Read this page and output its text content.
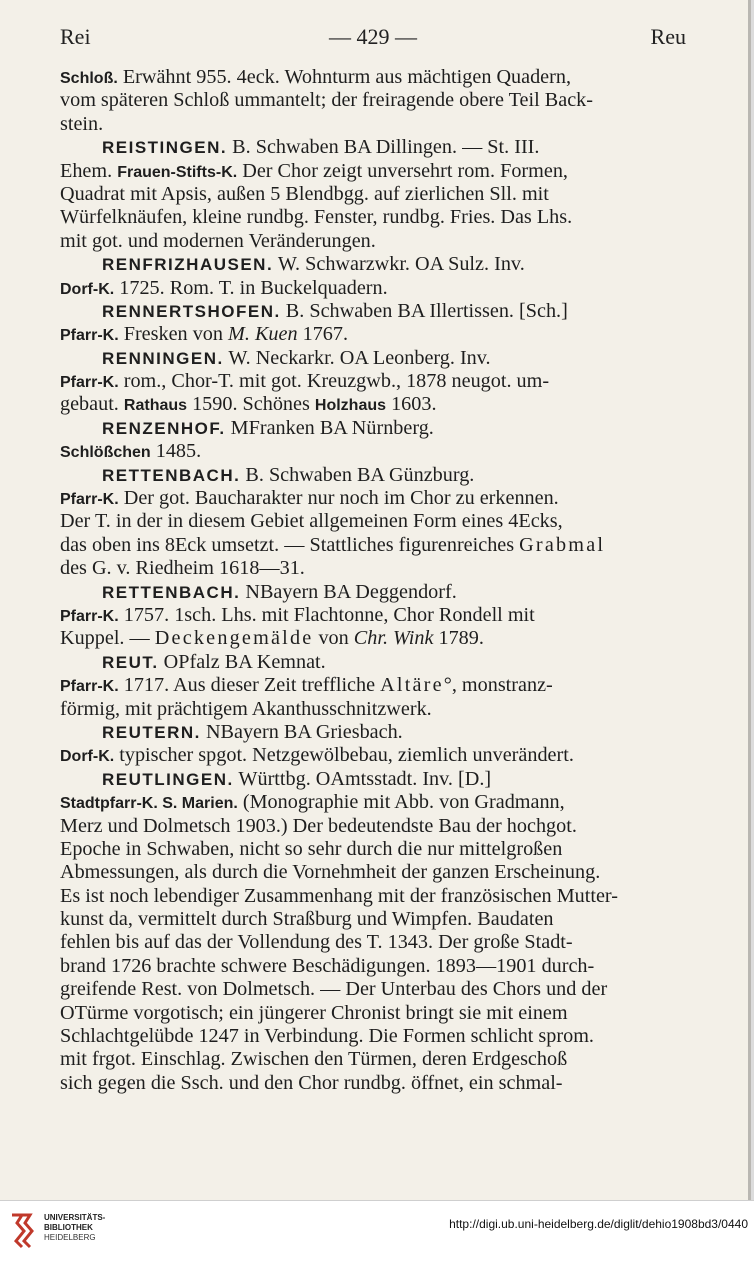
Rei	— 429 —	Reu
Schloß. Erwähnt 955. 4eck. Wohnturm aus mächtigen Quadern,
vom späteren Schloß ummantelt; der freiragende obere Teil Back-
stein.
REISTINGEN. B. Schwaben BA Dillingen. — St. III.
Ehem. Frauen-Stifts-K. Der Chor zeigt unversehrt rom. Formen,
Quadrat mit Apsis, außen 5 Blendbgg. auf zierlichen Sll. mit
Würfelknäufen, kleine rundbg. Fenster, rundbg. Fries. Das Lhs.
mit got. und modernen Veränderungen.
RENFRIZHAUSEN. W. Schwarzwkr. OA Sulz. Inv.
Dorf-K. 1725. Rom. T. in Buckelquadern.
RENNERTSHOFEN. B. Schwaben BA Illertissen. [Sch.]
Pfarr-K. Fresken von M. Kuen 1767.
RENNINGEN. W. Neckarkr. OA Leonberg. Inv.
Pfarr-K. rom., Chor-T. mit got. Kreuzgwb., 1878 neugot. um-
gebaut. Rathaus 1590. Schönes Holzhaus 1603.
RENZENHOF. MFranken BA Nürnberg.
Schlößchen 1485.
RETTENBACH. B. Schwaben BA Günzburg.
Pfarr-K. Der got. Baucharakter nur noch im Chor zu erkennen.
Der T. in der in diesem Gebiet allgemeinen Form eines 4Ecks,
das oben ins 8Eck umsetzt. — Stattliches figurenreiches Grabmal
des G. v. Riedheim 1618—31.
RETTENBACH. NBayern BA Deggendorf.
Pfarr-K. 1757. 1sch. Lhs. mit Flachtonne, Chor Rondell mit
Kuppel. — Deckengemälde von Chr. Wink 1789.
REUT. OPfalz BA Kemnat.
Pfarr-K. 1717. Aus dieser Zeit treffliche Altäre°, monstranz-
förmig, mit prächtigem Akanthusschnitzwerk.
REUTERN. NBayern BA Griesbach.
Dorf-K. typischer spgot. Netzgewölbebau, ziemlich unverändert.
REUTLINGEN. Württbg. OAmtsstadt. Inv. [D.]
Stadtpfarr-K. S. Marien. (Monographie mit Abb. von Gradmann,
Merz und Dolmetsch 1903.) Der bedeutendste Bau der hochgot.
Epoche in Schwaben, nicht so sehr durch die nur mittelgroßen
Abmessungen, als durch die Vornehmheit der ganzen Erscheinung.
Es ist noch lebendiger Zusammenhang mit der französischen Mutter-
kunst da, vermittelt durch Straßburg und Wimpfen. Baudaten
fehlen bis auf das der Vollendung des T. 1343. Der große Stadt-
brand 1726 brachte schwere Beschädigungen. 1893—1901 durch-
greifende Rest. von Dolmetsch. — Der Unterbau des Chors und der
OTürme vorgotisch; ein jüngerer Chronist bringt sie mit einem
Schlachtgelübde 1247 in Verbindung. Die Formen schlicht sprom.
mit frgot. Einschlag. Zwischen den Türmen, deren Erdgeschoß
sich gegen die Ssch. und den Chor rundbg. öffnet, ein schmal-
UNIVERSITÄTS-
BIBLIOTHEK
HEIDELBERG
http://digi.ub.uni-heidelberg.de/diglit/dehio1908bd3/0440
